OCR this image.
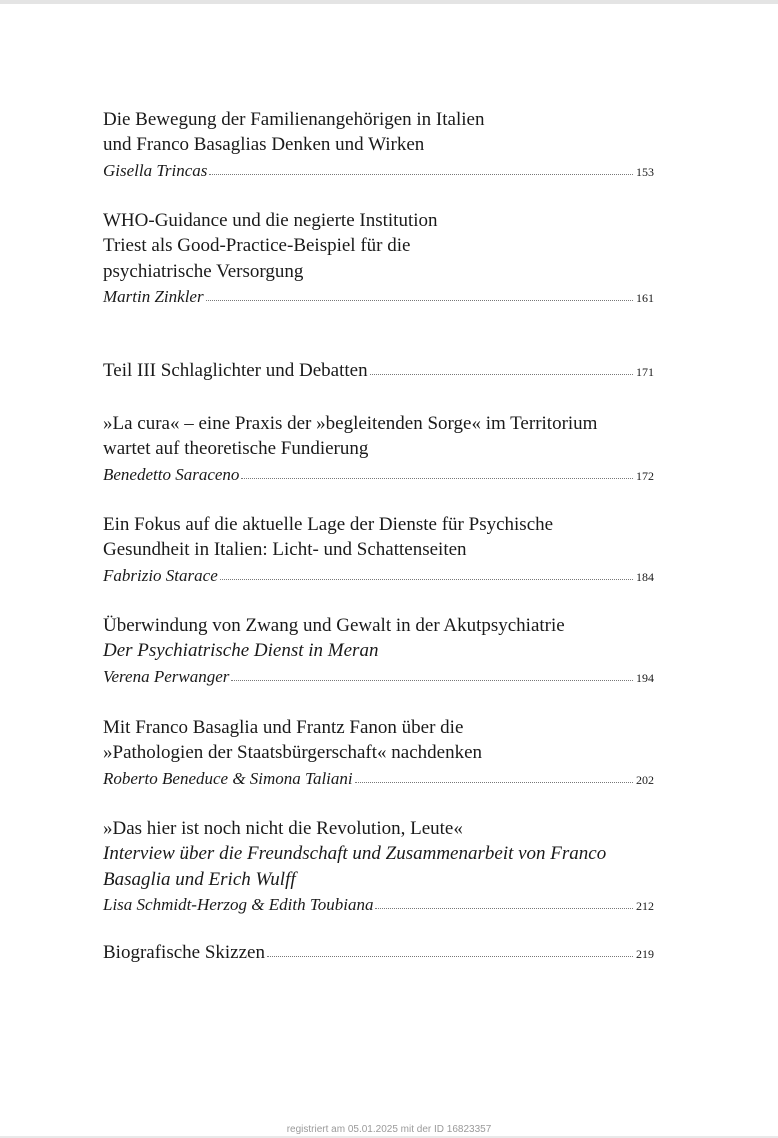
Die Bewegung der Familienangehörigen in Italien
und Franco Basaglias Denken und Wirken
Gisella Trincas	153
WHO-Guidance und die negierte Institution
Triest als Good-Practice-Beispiel für die
psychiatrische Versorgung
Martin Zinkler	161
Teil III Schlaglichter und Debatten	171
»La cura« – eine Praxis der »begleitenden Sorge« im Territorium
wartet auf theoretische Fundierung
Benedetto Saraceno	172
Ein Fokus auf die aktuelle Lage der Dienste für Psychische
Gesundheit in Italien: Licht- und Schattenseiten
Fabrizio Starace	184
Überwindung von Zwang und Gewalt in der Akutpsychiatrie
Der Psychiatrische Dienst in Meran
Verena Perwanger	194
Mit Franco Basaglia und Frantz Fanon über die
»Pathologien der Staatsbürgerschaft« nachdenken
Roberto Beneduce & Simona Taliani	202
»Das hier ist noch nicht die Revolution, Leute«
Interview über die Freundschaft und Zusammenarbeit von Franco
Basaglia und Erich Wulff
Lisa Schmidt-Herzog & Edith Toubiana	212
Biografische Skizzen	219
registriert am 05.01.2025 mit der ID 16823357
